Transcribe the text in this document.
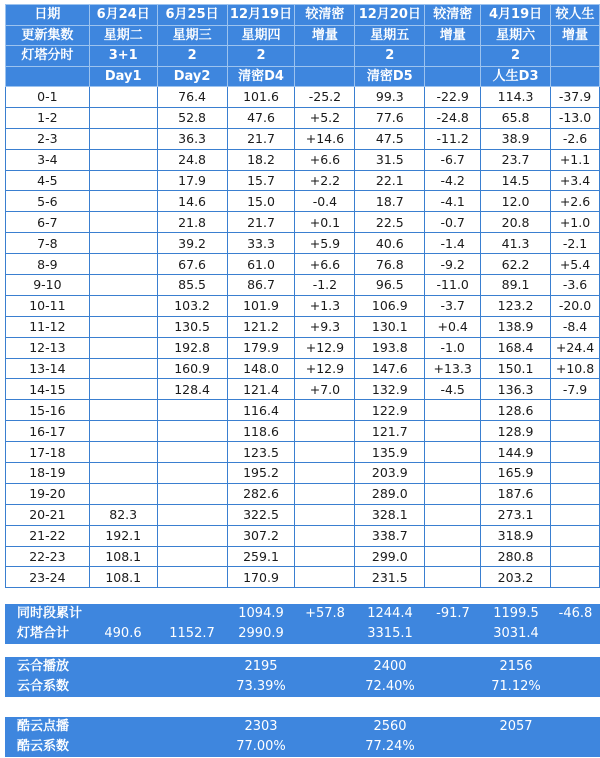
日期	6月24日	6月25日	12月19日	较清密	12月20日	较清密	4月19日	较人生
更新集数	星期二	星期三	星期四	增量	星期五	增量	星期六	增量
灯塔分时	3+1	2	2		2		2	
	Day1	Day2	清密D4		清密D5		人生D3	
0-1		76.4	101.6	-25.2	99.3	-22.9	114.3	-37.9
1-2		52.8	47.6	+5.2	77.6	-24.8	65.8	-13.0
2-3		36.3	21.7	+14.6	47.5	-11.2	38.9	-2.6
3-4		24.8	18.2	+6.6	31.5	-6.7	23.7	+1.1
4-5		17.9	15.7	+2.2	22.1	-4.2	14.5	+3.4
5-6		14.6	15.0	-0.4	18.7	-4.1	12.0	+2.6
6-7		21.8	21.7	+0.1	22.5	-0.7	20.8	+1.0
7-8		39.2	33.3	+5.9	40.6	-1.4	41.3	-2.1
8-9		67.6	61.0	+6.6	76.8	-9.2	62.2	+5.4
9-10		85.5	86.7	-1.2	96.5	-11.0	89.1	-3.6
10-11		103.2	101.9	+1.3	106.9	-3.7	123.2	-20.0
11-12		130.5	121.2	+9.3	130.1	+0.4	138.9	-8.4
12-13		192.8	179.9	+12.9	193.8	-1.0	168.4	+24.4
13-14		160.9	148.0	+12.9	147.6	+13.3	150.1	+10.8
14-15		128.4	121.4	+7.0	132.9	-4.5	136.3	-7.9
15-16			116.4		122.9		128.6	
16-17			118.6		121.7		128.9	
17-18			123.5		135.9		144.9	
18-19			195.2		203.9		165.9	
19-20			282.6		289.0		187.6	
20-21	82.3		322.5		328.1		273.1	
21-22	192.1		307.2		338.7		318.9	
22-23	108.1		259.1		299.0		280.8	
23-24	108.1		170.9		231.5		203.2	
同时段累计			1094.9	+57.8	1244.4	-91.7	1199.5	-46.8
灯塔合计	490.6	1152.7	2990.9		3315.1		3031.4	
云合播放			2195		2400		2156	
云合系数			73.39%		72.40%		71.12%	
酷云点播			2303		2560		2057	
酷云系数			77.00%		77.24%			
